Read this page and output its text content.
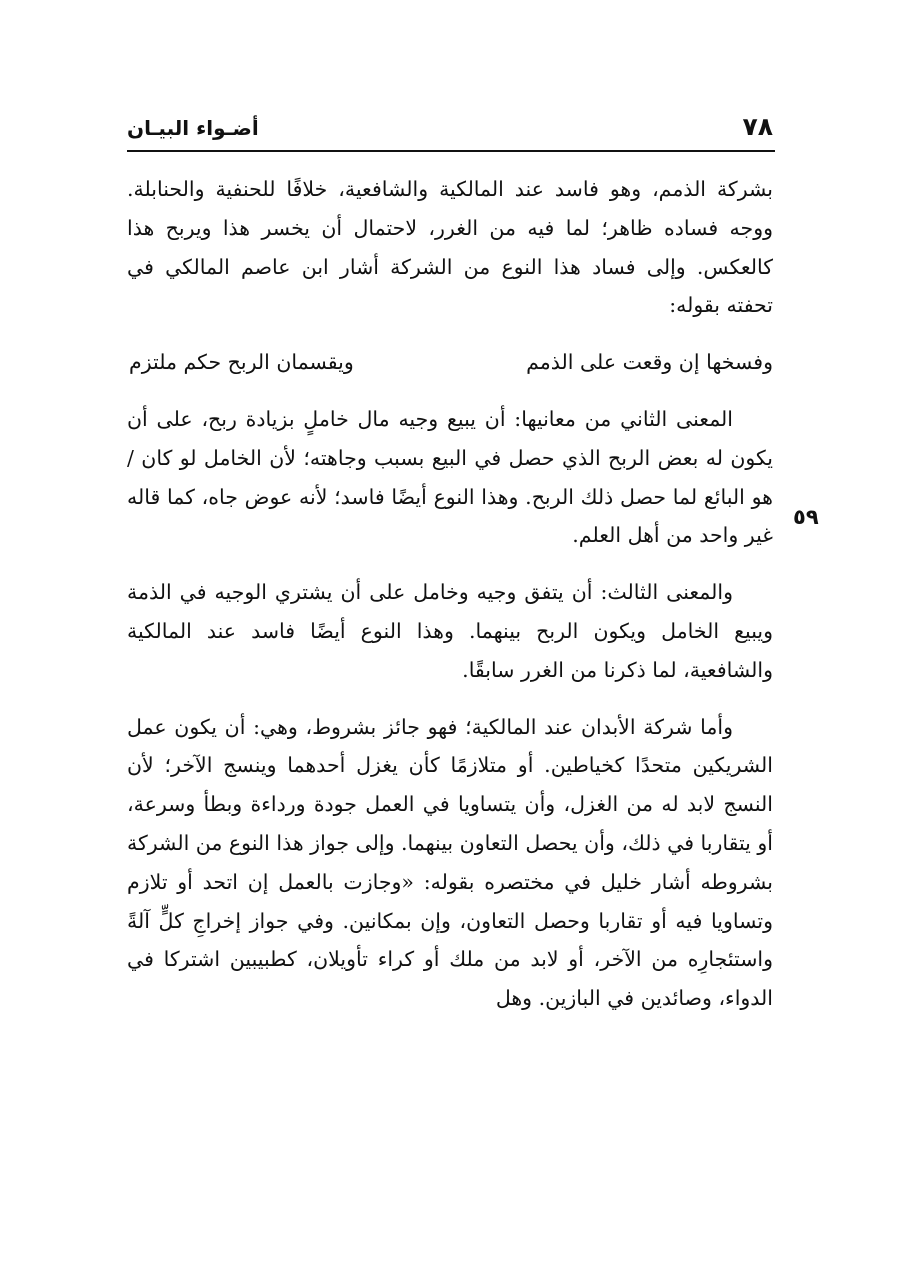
٧٨
أضـواء البيـان
٥٩

بشركة الذمم، وهو فاسد عند المالكية والشافعية، خلافًا للحنفية والحنابلة. ووجه فساده ظاهر؛ لما فيه من الغرر، لاحتمال أن يخسر هذا ويربح هذا كالعكس. وإلى فساد هذا النوع من الشركة أشار ابن عاصم المالكي في تحفته بقوله:

وفسخها إن وقعت على الذمم
ويقسمان الربح حكم ملتزم

المعنى الثاني من معانيها: أن يبيع وجيه مال خاملٍ بزيادة ربح، على أن يكون له بعض الربح الذي حصل في البيع بسبب وجاهته؛ لأن الخامل لو كان / هو البائع لما حصل ذلك الربح. وهذا النوع أيضًا فاسد؛ لأنه عوض جاه، كما قاله غير واحد من أهل العلم.

والمعنى الثالث: أن يتفق وجيه وخامل على أن يشتري الوجيه في الذمة ويبيع الخامل ويكون الربح بينهما. وهذا النوع أيضًا فاسد عند المالكية والشافعية، لما ذكرنا من الغرر سابقًا.

وأما شركة الأبدان عند المالكية؛ فهو جائز بشروط، وهي: أن يكون عمل الشريكين متحدًا كخياطين. أو متلازمًا كأن يغزل أحدهما وينسج الآخر؛ لأن النسج لابد له من الغزل، وأن يتساويا في العمل جودة ورداءة وبطأ وسرعة، أو يتقاربا في ذلك، وأن يحصل التعاون بينهما. وإلى جواز هذا النوع من الشركة بشروطه أشار خليل في مختصره بقوله: «وجازت بالعمل إن اتحد أو تلازم وتساويا فيه أو تقاربا وحصل التعاون، وإن بمكانين. وفي جواز إخراجِ كلٍّ آلةً واستئجارِه من الآخر، أو لابد من ملك أو كراء تأويلان، كطبيبين اشتركا في الدواء، وصائدين في البازين. وهل
